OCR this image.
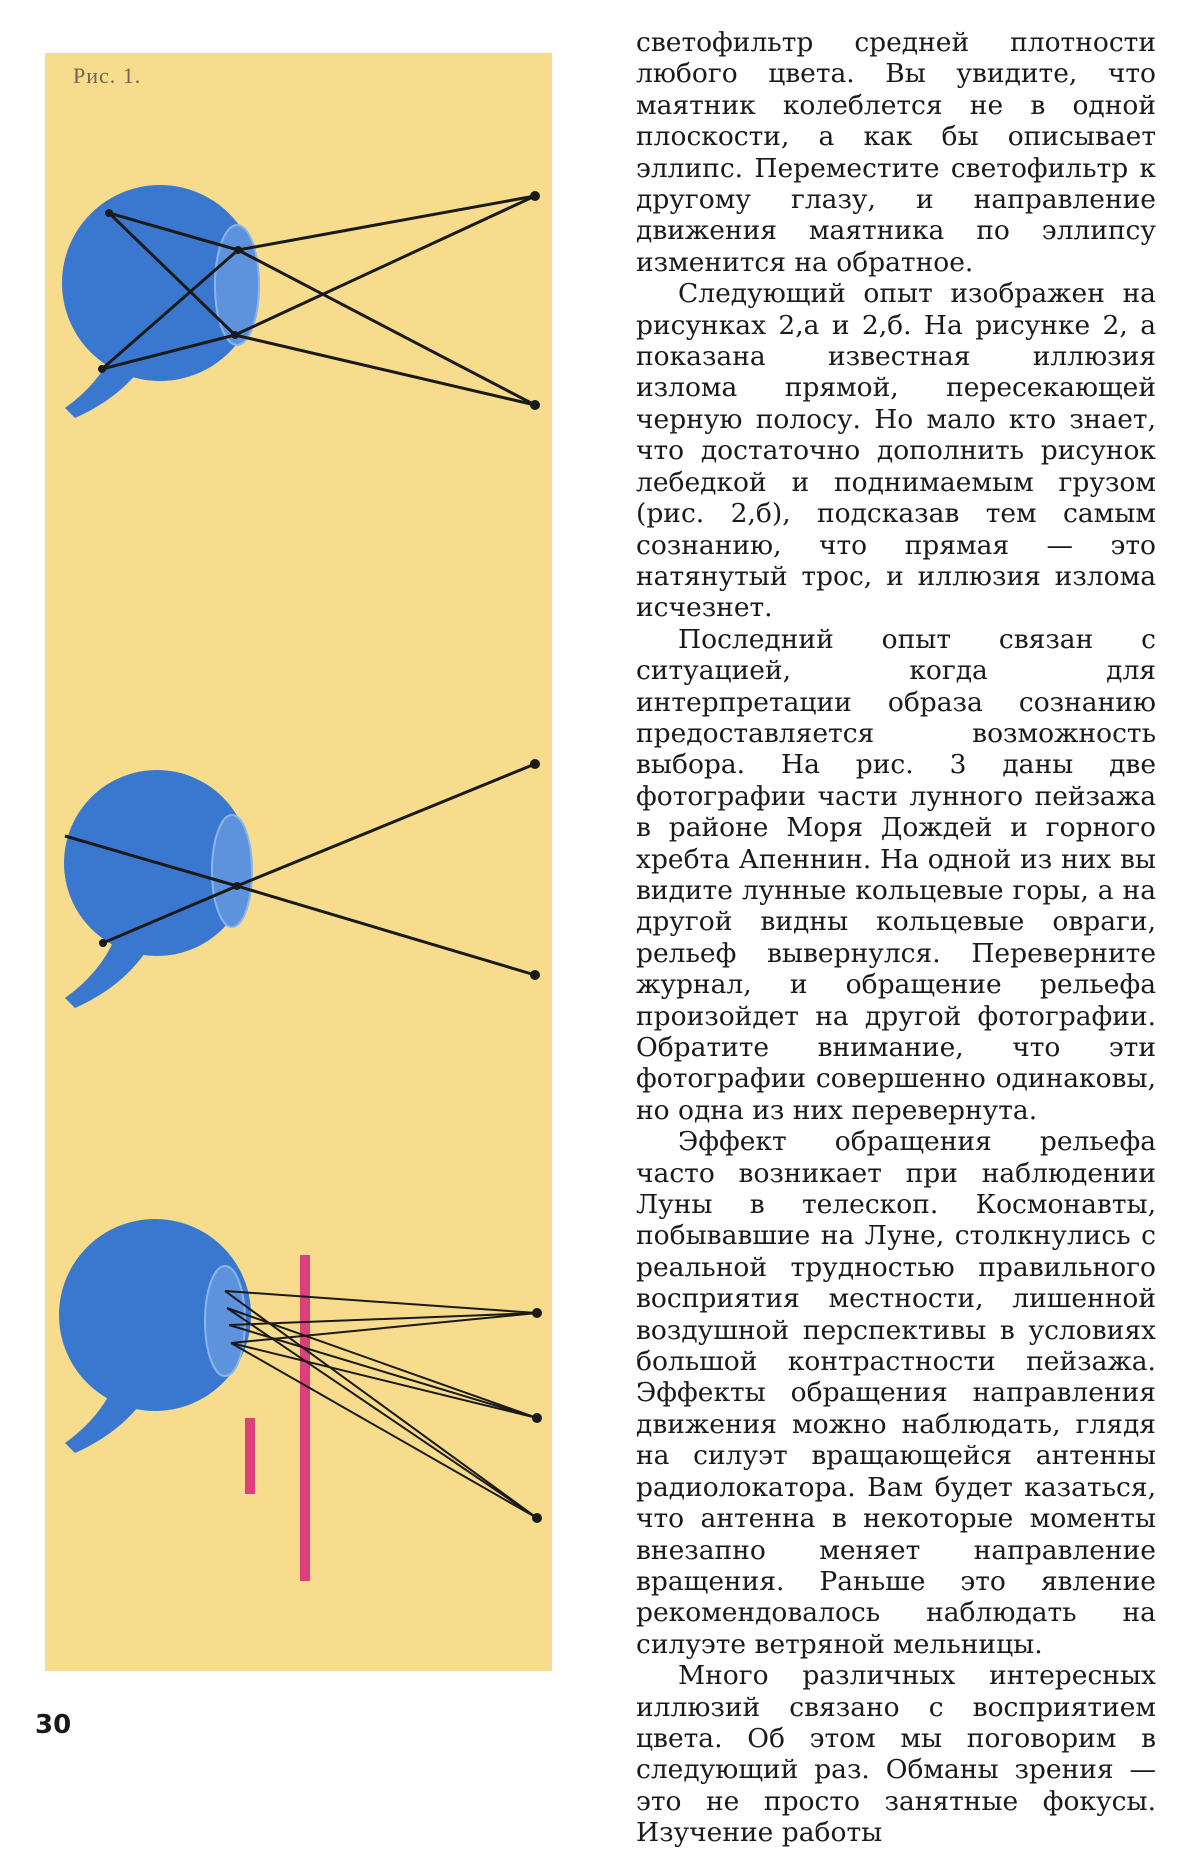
Рис. 1.

светофильтр средней плотности любого цвета. Вы увидите, что маятник колеблется не в одной плоскости, а как бы описывает эллипс. Переместите светофильтр к другому глазу, и направление движения маятника по эллипсу изменится на обратное.

Следующий опыт изображен на рисунках 2,а и 2,б. На рисунке 2, а показана известная иллюзия излома прямой, пересекающей черную полосу. Но мало кто знает, что достаточно дополнить рисунок лебедкой и поднимаемым грузом (рис. 2,б), подсказав тем самым сознанию, что прямая — это натянутый трос, и иллюзия излома исчезнет.

Последний опыт связан с ситуацией, когда для интерпретации образа сознанию предоставляется возможность выбора. На рис. 3 даны две фотографии части лунного пейзажа в районе Моря Дождей и горного хребта Апеннин. На одной из них вы видите лунные кольцевые горы, а на другой видны кольцевые овраги, рельеф вывернулся. Переверните журнал, и обращение рельефа произойдет на другой фотографии. Обратите внимание, что эти фотографии совершенно одинаковы, но одна из них перевернута.

Эффект обращения рельефа часто возникает при наблюдении Луны в телескоп. Космонавты, побывавшие на Луне, столкнулись с реальной трудностью правильного восприятия местности, лишенной воздушной перспективы в условиях большой контрастности пейзажа. Эффекты обращения направления движения можно наблюдать, глядя на силуэт вращающейся антенны радиолокатора. Вам будет казаться, что антенна в некоторые моменты внезапно меняет направление вращения. Раньше это явление рекомендовалось наблюдать на силуэте ветряной мельницы.

Много различных интересных иллюзий связано с восприятием цвета. Об этом мы поговорим в следующий раз. Обманы зрения — это не просто занятные фокусы. Изучение работы

30
